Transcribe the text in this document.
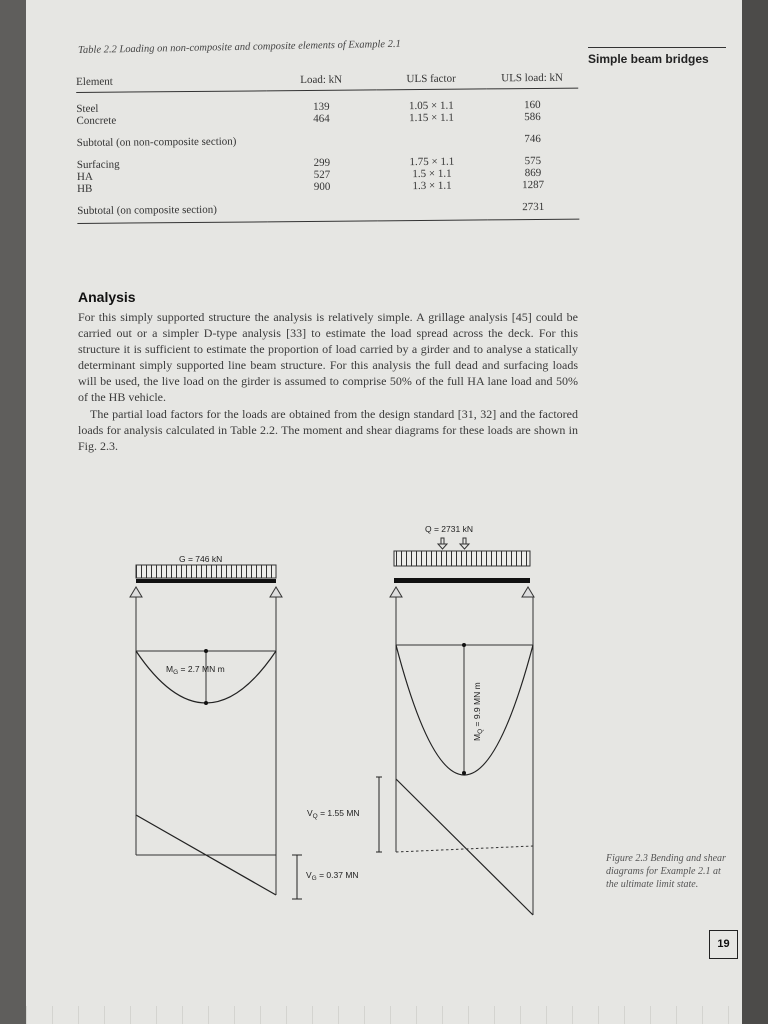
Simple beam bridges
Table 2.2 Loading on non-composite and composite elements of Example 2.1
Element	Load: kN	ULS factor	ULS load: kN

Steel	139	1.05 × 1.1	160
Concrete	464	1.15 × 1.1	586

Subtotal (on non-composite section)			746

Surfacing	299	1.75 × 1.1	575
HA	527	1.5 × 1.1	869
HB	900	1.3 × 1.1	1287

Subtotal (on composite section)			2731
Analysis

For this simply supported structure the analysis is relatively simple. A grillage analysis [45] could be carried out or a simpler D-type analysis [33] to estimate the load spread across the deck. For this structure it is sufficient to estimate the proportion of load carried by a girder and to analyse a statically determinant simply supported line beam structure. For this analysis the full dead and surfacing loads will be used, the live load on the girder is assumed to comprise 50% of the full HA lane load and 50% of the HB vehicle.

The partial load factors for the loads are obtained from the design standard [31, 32] and the factored loads for analysis calculated in Table 2.2. The moment and shear diagrams for these loads are shown in Fig. 2.3.

G = 746 kN
$M_G = 2.7$ MN m
Q = 2731 kN
$M_Q = 9.9$ MN m
$V_Q = 1.55$ MN
$V_G = 0.37$ MN
Figure 2.3 Bending and shear diagrams for Example 2.1 at the ultimate limit state.
19
